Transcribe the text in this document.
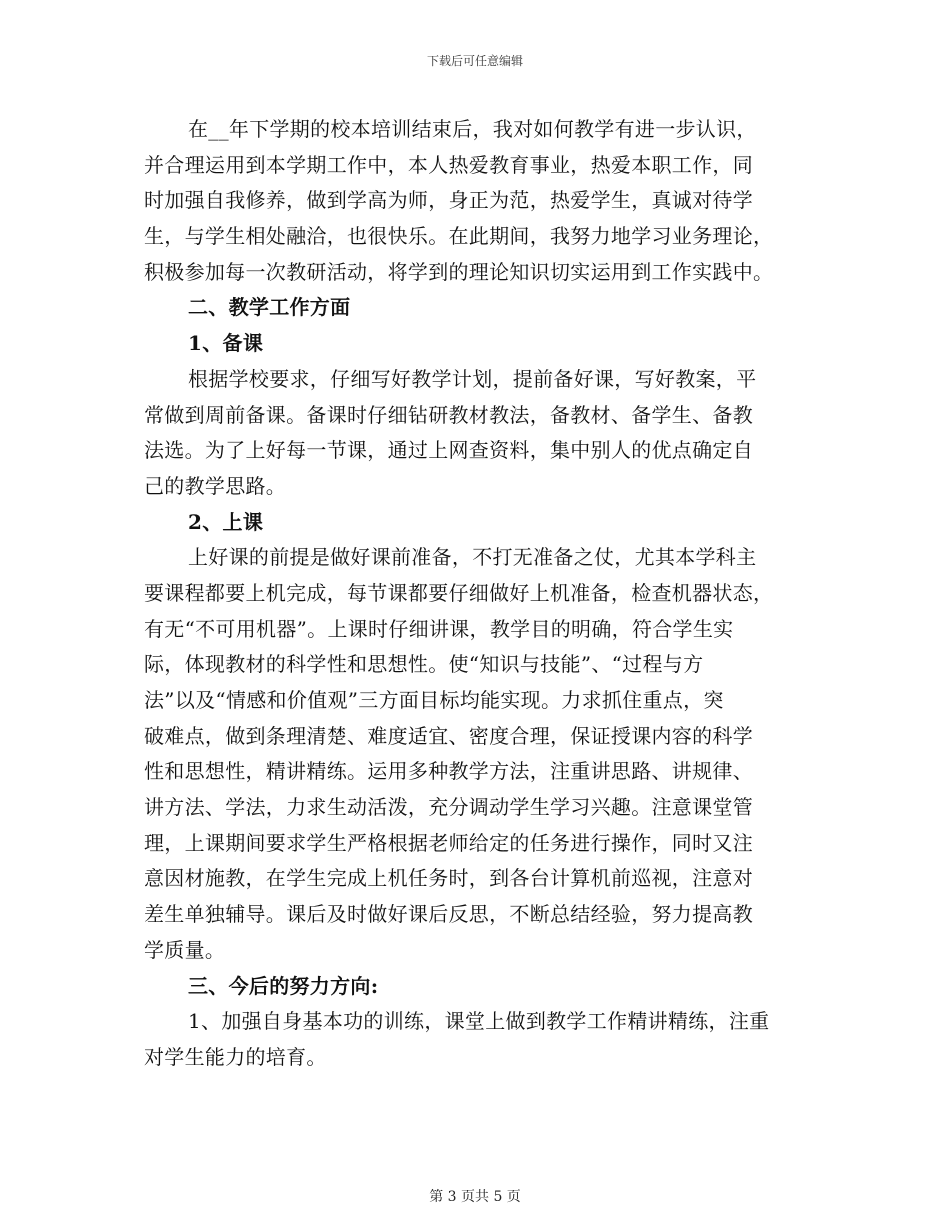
下载后可任意编辑
在__年下学期的校本培训结束后，我对如何教学有进一步认识，
并合理运用到本学期工作中，本人热爱教育事业，热爱本职工作，同
时加强自我修养，做到学高为师，身正为范，热爱学生，真诚对待学
生，与学生相处融洽，也很快乐。在此期间，我努力地学习业务理论，
积极参加每一次教研活动，将学到的理论知识切实运用到工作实践中。
二、教学工作方面
1、备课
根据学校要求，仔细写好教学计划，提前备好课，写好教案，平
常做到周前备课。备课时仔细钻研教材教法，备教材、备学生、备教
法选。为了上好每一节课，通过上网查资料，集中别人的优点确定自
己的教学思路。
2、上课
上好课的前提是做好课前准备，不打无准备之仗，尤其本学科主
要课程都要上机完成，每节课都要仔细做好上机准备，检查机器状态，
有无“不可用机器”。上课时仔细讲课，教学目的明确，符合学生实
际，体现教材的科学性和思想性。使“知识与技能”、“过程与方
法”以及“情感和价值观”三方面目标均能实现。力求抓住重点，突
破难点，做到条理清楚、难度适宜、密度合理，保证授课内容的科学
性和思想性，精讲精练。运用多种教学方法，注重讲思路、讲规律、
讲方法、学法，力求生动活泼，充分调动学生学习兴趣。注意课堂管
理，上课期间要求学生严格根据老师给定的任务进行操作，同时又注
意因材施教，在学生完成上机任务时，到各台计算机前巡视，注意对
差生单独辅导。课后及时做好课后反思，不断总结经验，努力提高教
学质量。
三、今后的努力方向:
1、加强自身基本功的训练，课堂上做到教学工作精讲精练，注重
对学生能力的培育。
第 3 页共 5 页
